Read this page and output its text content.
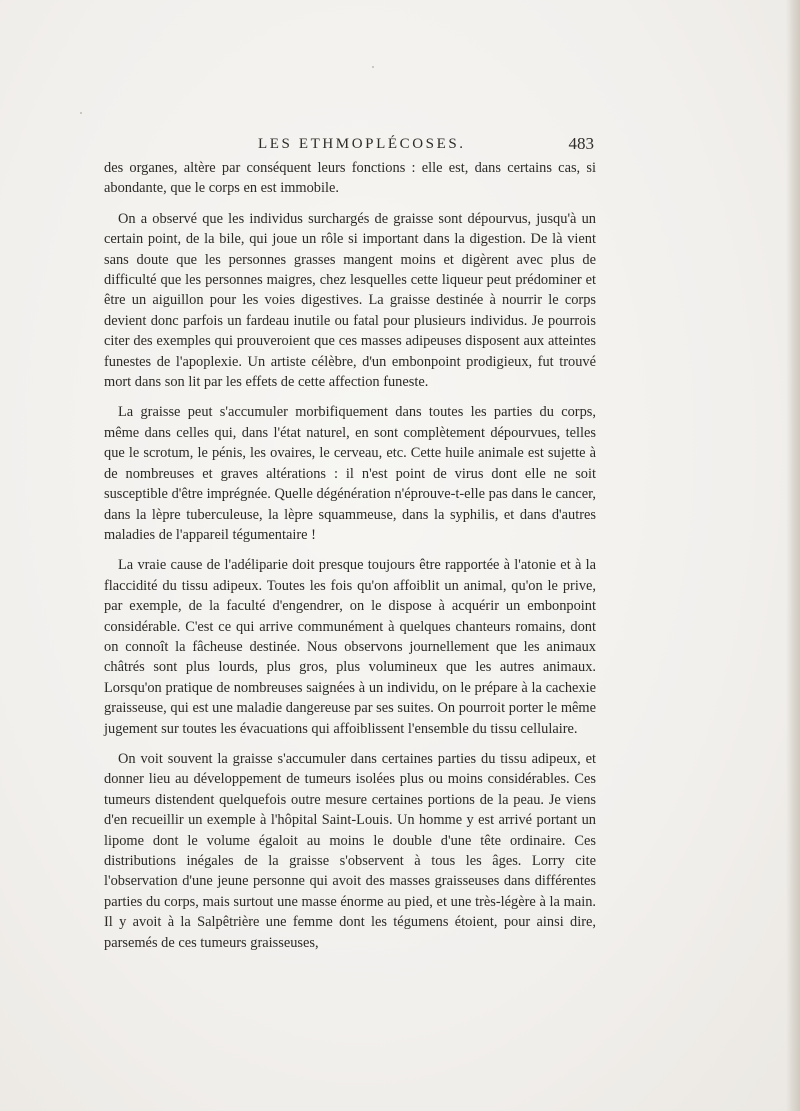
LES ETHMOPLÉCOSES.	483

des organes, altère par conséquent leurs fonctions : elle est, dans certains cas, si abondante, que le corps en est immobile.

On a observé que les individus surchargés de graisse sont dépourvus, jusqu'à un certain point, de la bile, qui joue un rôle si important dans la digestion. De là vient sans doute que les personnes grasses mangent moins et digèrent avec plus de difficulté que les personnes maigres, chez lesquelles cette liqueur peut prédominer et être un aiguillon pour les voies digestives. La graisse destinée à nourrir le corps devient donc parfois un fardeau inutile ou fatal pour plusieurs individus. Je pourrois citer des exemples qui prouveroient que ces masses adipeuses disposent aux atteintes funestes de l'apoplexie. Un artiste célèbre, d'un embonpoint prodigieux, fut trouvé mort dans son lit par les effets de cette affection funeste.

La graisse peut s'accumuler morbifiquement dans toutes les parties du corps, même dans celles qui, dans l'état naturel, en sont complètement dépourvues, telles que le scrotum, le pénis, les ovaires, le cerveau, etc. Cette huile animale est sujette à de nombreuses et graves altérations : il n'est point de virus dont elle ne soit susceptible d'être imprégnée. Quelle dégénération n'éprouve-t-elle pas dans le cancer, dans la lèpre tuberculeuse, la lèpre squammeuse, dans la syphilis, et dans d'autres maladies de l'appareil tégumentaire !

La vraie cause de l'adéliparie doit presque toujours être rapportée à l'atonie et à la flaccidité du tissu adipeux. Toutes les fois qu'on affoiblit un animal, qu'on le prive, par exemple, de la faculté d'engendrer, on le dispose à acquérir un embonpoint considérable. C'est ce qui arrive communément à quelques chanteurs romains, dont on connoît la fâcheuse destinée. Nous observons journellement que les animaux châtrés sont plus lourds, plus gros, plus volumineux que les autres animaux. Lorsqu'on pratique de nombreuses saignées à un individu, on le prépare à la cachexie graisseuse, qui est une maladie dangereuse par ses suites. On pourroit porter le même jugement sur toutes les évacuations qui affoiblissent l'ensemble du tissu cellulaire.

On voit souvent la graisse s'accumuler dans certaines parties du tissu adipeux, et donner lieu au développement de tumeurs isolées plus ou moins considérables. Ces tumeurs distendent quelquefois outre mesure certaines portions de la peau. Je viens d'en recueillir un exemple à l'hôpital Saint-Louis. Un homme y est arrivé portant un lipome dont le volume égaloit au moins le double d'une tête ordinaire. Ces distributions inégales de la graisse s'observent à tous les âges. Lorry cite l'observation d'une jeune personne qui avoit des masses graisseuses dans différentes parties du corps, mais surtout une masse énorme au pied, et une très-légère à la main. Il y avoit à la Salpêtrière une femme dont les tégumens étoient, pour ainsi dire, parsemés de ces tumeurs graisseuses,
